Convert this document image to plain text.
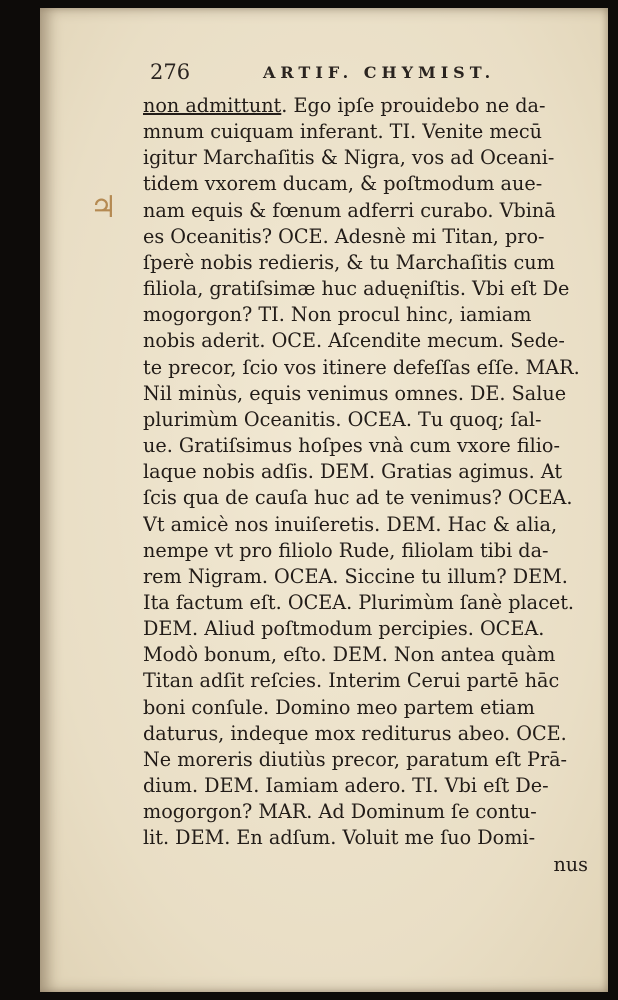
276	ARTIF. CHYMIST.
♃
non admittunt. Ego ipſe prouidebo ne da-
mnum cuiquam inferant. TI. Venite mecū
igitur Marchaſitis & Nigra, vos ad Oceani-
tidem vxorem ducam, & poſtmodum aue-
nam equis & fœnum adferri curabo. Vbinā
es Oceanitis? OCE. Adesnè mi Titan, pro-
ſperè nobis redieris, & tu Marchaſitis cum
filiola, gratiſsimæ huc aduęniſtis. Vbi eſt De
mogorgon? TI. Non procul hinc, iamiam
nobis aderit. OCE. Aſcendite mecum. Sede-
te precor, ſcio vos itinere defeſſas eſſe. MAR.
Nil minùs, equis venimus omnes. DE. Salue
plurimùm Oceanitis. OCEA. Tu quoq; ſal-
ue. Gratiſsimus hoſpes vnà cum vxore filio-
laque nobis adſis. DEM. Gratias agimus. At
ſcis qua de cauſa huc ad te venimus? OCEA.
Vt amicè nos inuiſeretis. DEM. Hac & alia,
nempe vt pro filiolo Rude, filiolam tibi da-
rem Nigram. OCEA. Siccine tu illum? DEM.
Ita factum eſt. OCEA. Plurimùm ſanè placet.
DEM. Aliud poſtmodum percipies. OCEA.
Modò bonum, eſto. DEM. Non antea quàm
Titan adſit reſcies. Interim Cerui partē hāc
boni conſule. Domino meo partem etiam
daturus, indeque mox rediturus abeo. OCE.
Ne moreris diutiùs precor, paratum eſt Prā-
dium. DEM. Iamiam adero. TI. Vbi eſt De-
mogorgon? MAR. Ad Dominum ſe contu-
lit. DEM. En adſum. Voluit me ſuo Domi-
nus
